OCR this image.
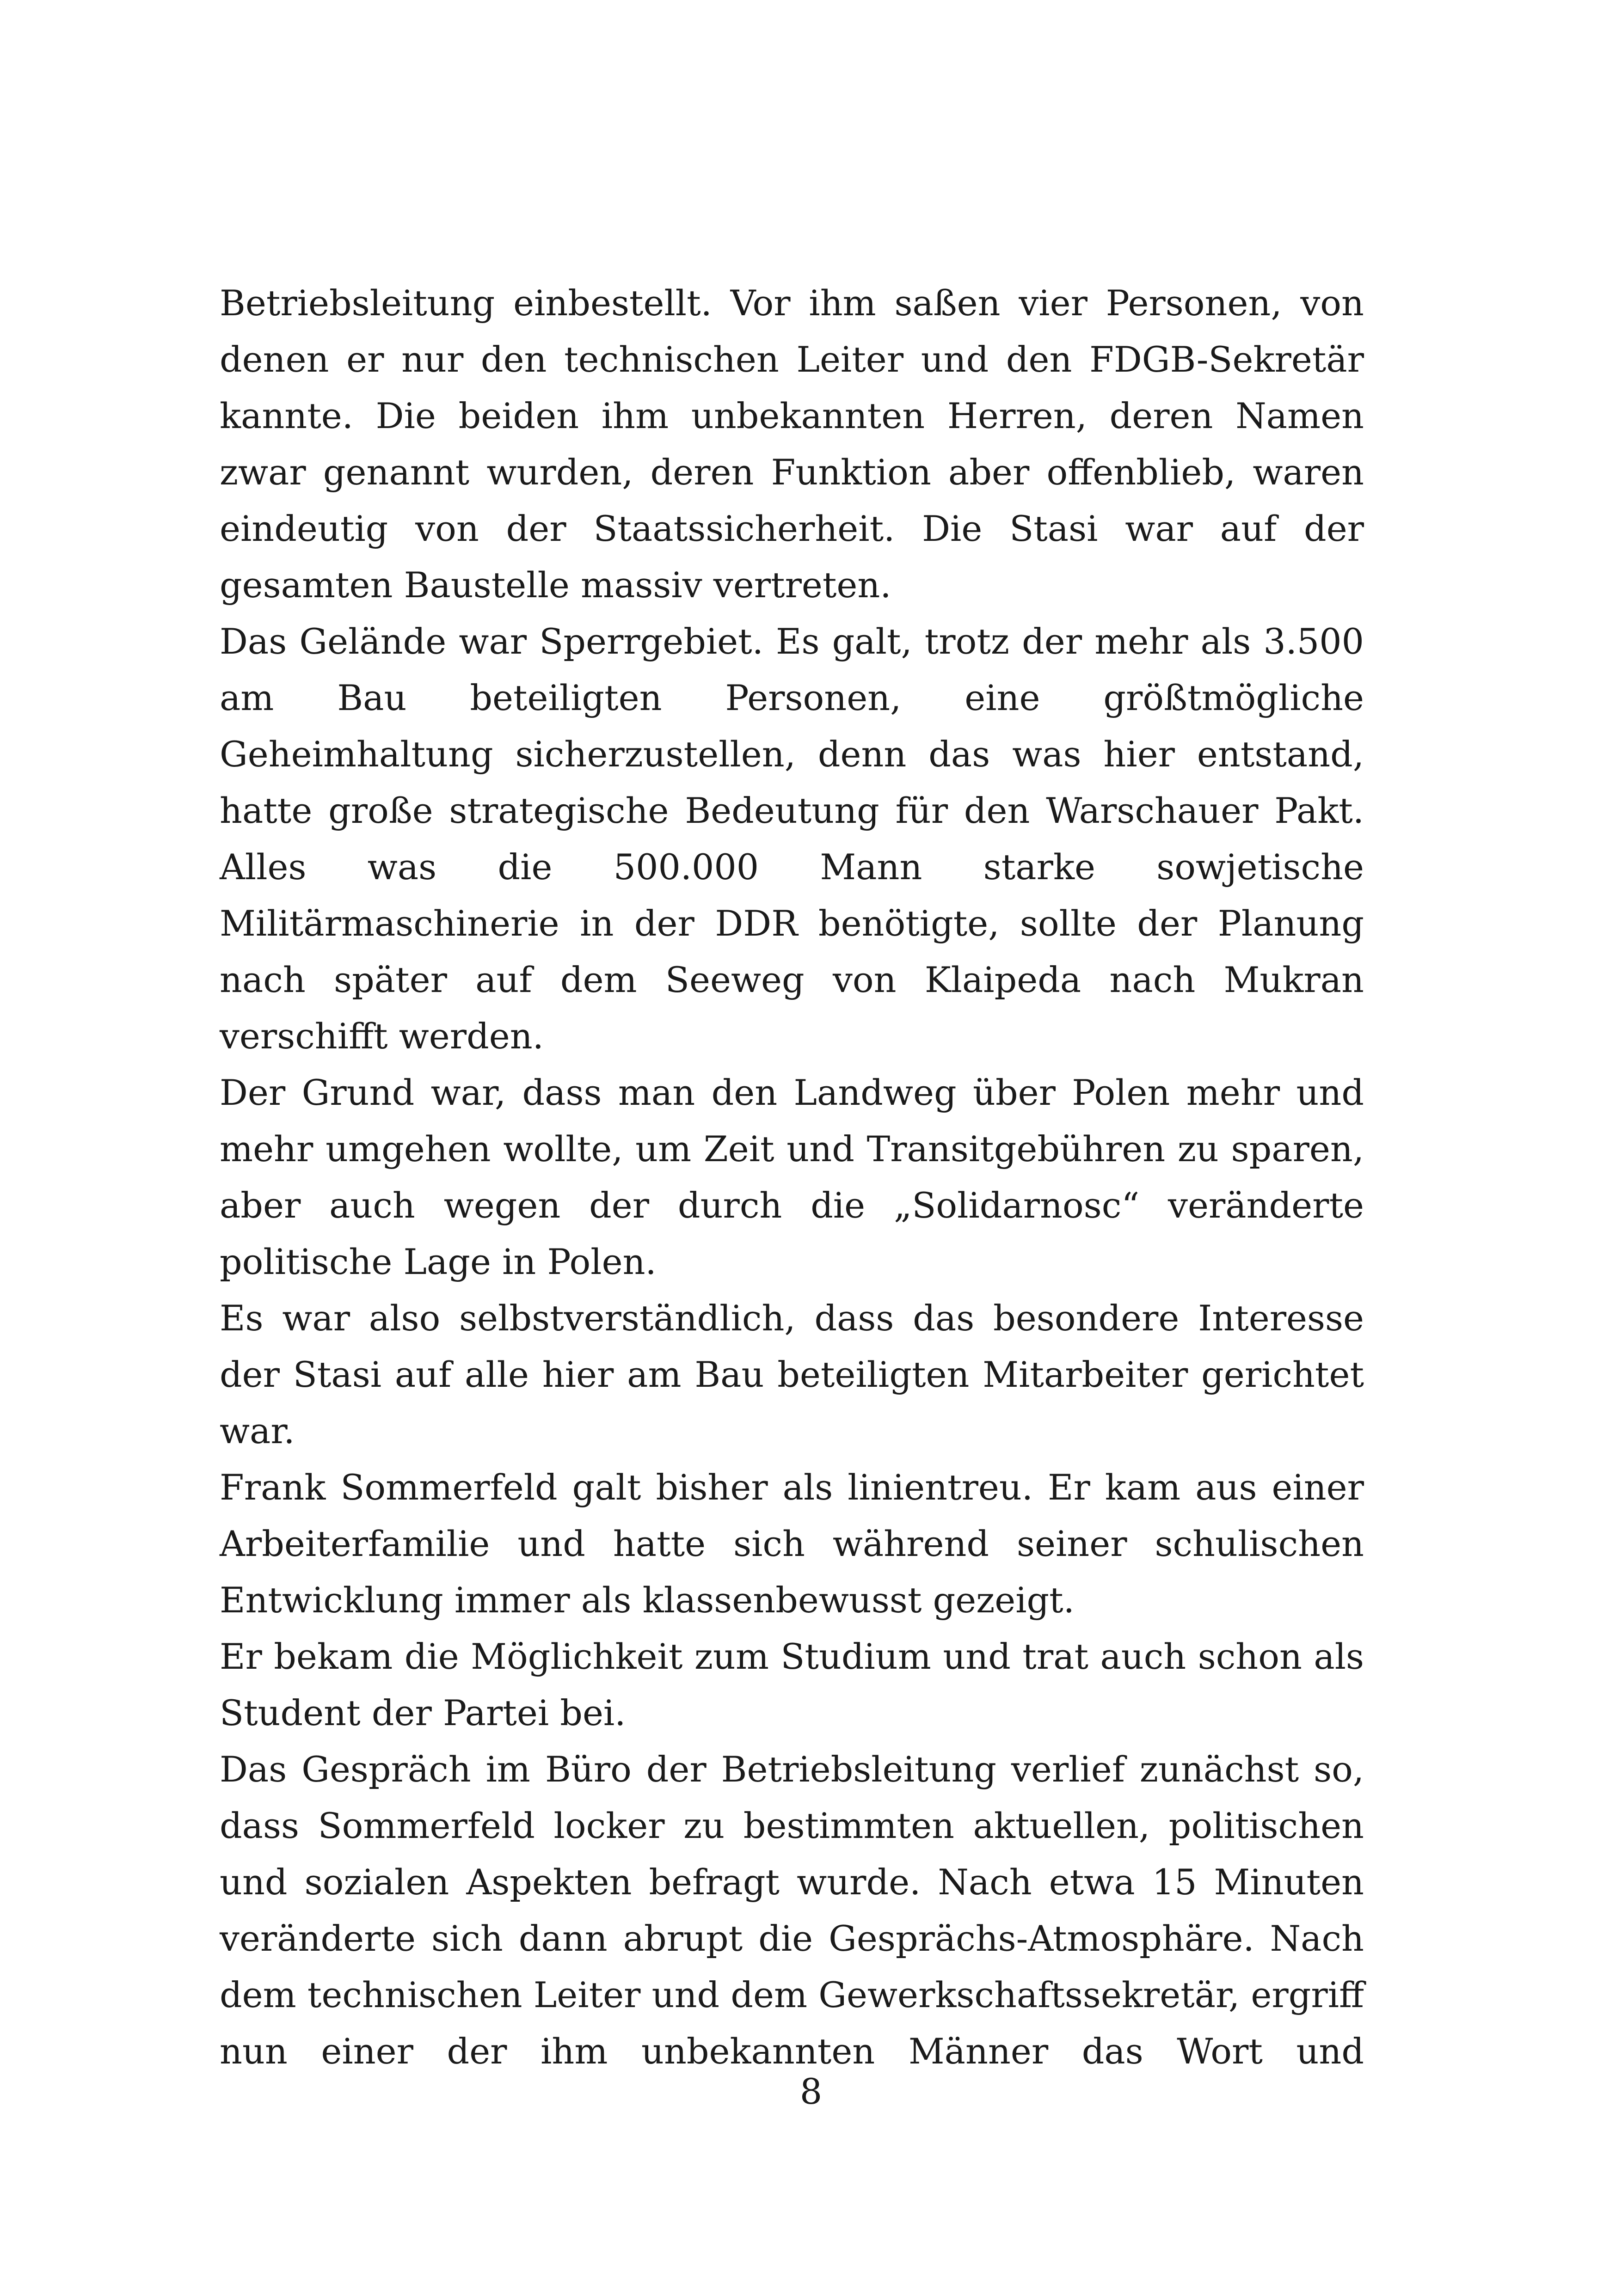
Betriebsleitung einbestellt. Vor ihm saßen vier Personen, von denen er nur den technischen Leiter und den FDGB-Sekretär kannte. Die beiden ihm unbekannten Herren, deren Namen zwar genannt wurden, deren Funktion aber offenblieb, waren eindeutig von der Staatssicherheit. Die Stasi war auf der gesamten Baustelle massiv vertreten.

Das Gelände war Sperrgebiet. Es galt, trotz der mehr als 3.500 am Bau beteiligten Personen, eine größtmögliche Geheimhaltung sicherzustellen, denn das was hier entstand, hatte große strategische Bedeutung für den Warschauer Pakt. Alles was die 500.000 Mann starke sowjetische Militärmaschinerie in der DDR benötigte, sollte der Planung nach später auf dem Seeweg von Klaipeda nach Mukran verschifft werden.

Der Grund war, dass man den Landweg über Polen mehr und mehr umgehen wollte, um Zeit und Transitgebühren zu sparen, aber auch wegen der durch die „Solidarnosc“ veränderte politische Lage in Polen.

Es war also selbstverständlich, dass das besondere Interesse der Stasi auf alle hier am Bau beteiligten Mitarbeiter gerichtet war.

Frank Sommerfeld galt bisher als linientreu. Er kam aus einer Arbeiterfamilie und hatte sich während seiner schulischen Entwicklung immer als klassenbewusst gezeigt.

Er bekam die Möglichkeit zum Studium und trat auch schon als Student der Partei bei.

Das Gespräch im Büro der Betriebsleitung verlief zunächst so, dass Sommerfeld locker zu bestimmten aktuellen, politischen und sozialen Aspekten befragt wurde. Nach etwa 15 Minuten veränderte sich dann abrupt die Gesprächs-Atmosphäre. Nach dem technischen Leiter und dem Gewerkschaftssekretär, ergriff nun einer der ihm unbekannten Männer das Wort und

8
